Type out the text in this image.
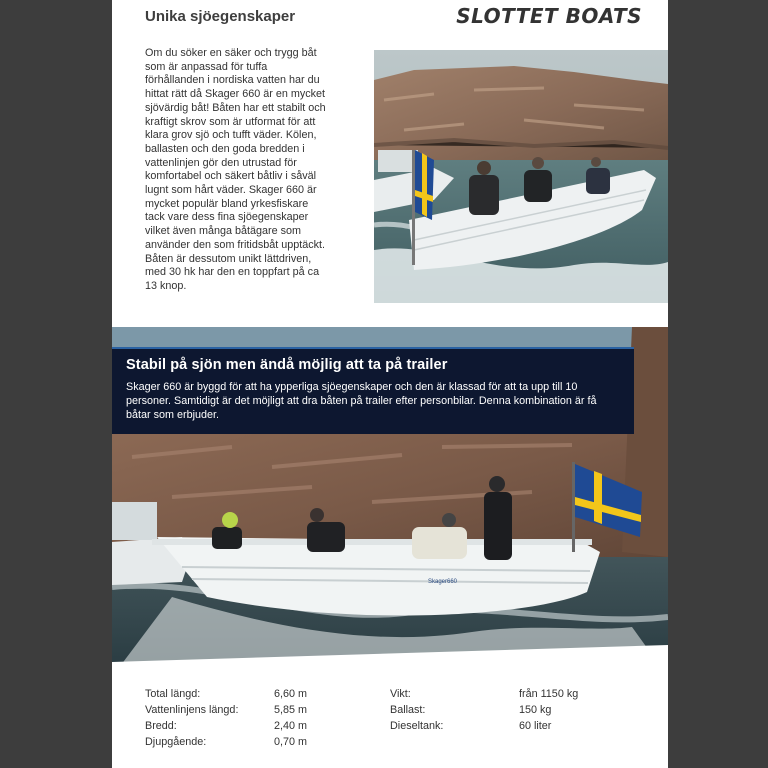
Unika sjöegenskaper	SLOTTET BOATS

Om du söker en säker och trygg båt som är anpassad för tuffa förhållanden i nordiska vatten har du hittat rätt då Skager 660 är en mycket sjövärdig båt! Båten har ett stabilt och kraftigt skrov som är utformat för att klara grov sjö och tufft väder. Kölen, ballasten och den goda bredden i vattenlinjen gör den utrustad för komfortabel och säkert båtliv i såväl lugnt som hårt väder. Skager 660 är mycket populär bland yrkesfiskare tack vare dess fina sjöegenskaper vilket även många båtägare som använder den som fritidsbåt upptäckt. Båten är dessutom unikt lättdriven, med 30 hk har den en toppfart på ca 13 knop.

Skager660
Stabil på sjön men ändå möjlig att ta på trailer

Skager 660 är byggd för att ha ypperliga sjöegenskaper och den är klassad för att ta upp till 10 personer. Samtidigt är det möjligt att dra båten på trailer efter personbilar. Denna kombination är få båtar som erbjuder.

Total längd:	6,60 m	Vikt:	från 1150 kg
Vattenlinjens längd:	5,85 m	Ballast:	150 kg
Bredd:	2,40 m	Dieseltank:	60 liter
Djupgående:	0,70 m
